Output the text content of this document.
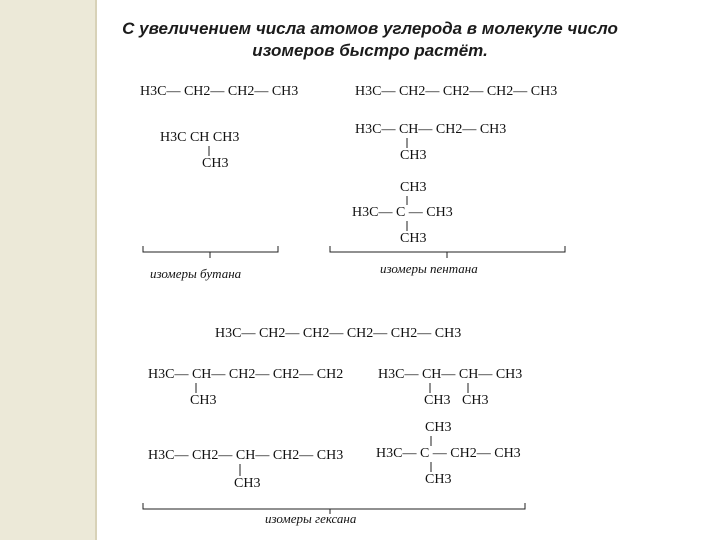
С увеличением числа атомов углерода в молекуле число изомеров быстро растёт.
H3C— CH2— CH2— CH3
H3C CH CH3
CH3
изомеры бутана
H3C— CH2— CH2— CH2— CH3
H3C— CH— CH2— CH3
CH3
CH3
H3C— C — CH3
CH3
изомеры пентана
H3C— CH2— CH2— CH2— CH2— CH3
H3C— CH— CH2— CH2— CH2
CH3
H3C— CH— CH— CH3
CH3 CH3
H3C— CH2— CH— CH2— CH3
CH3
CH3
H3C— C — CH2— CH3
CH3
изомеры гексана
